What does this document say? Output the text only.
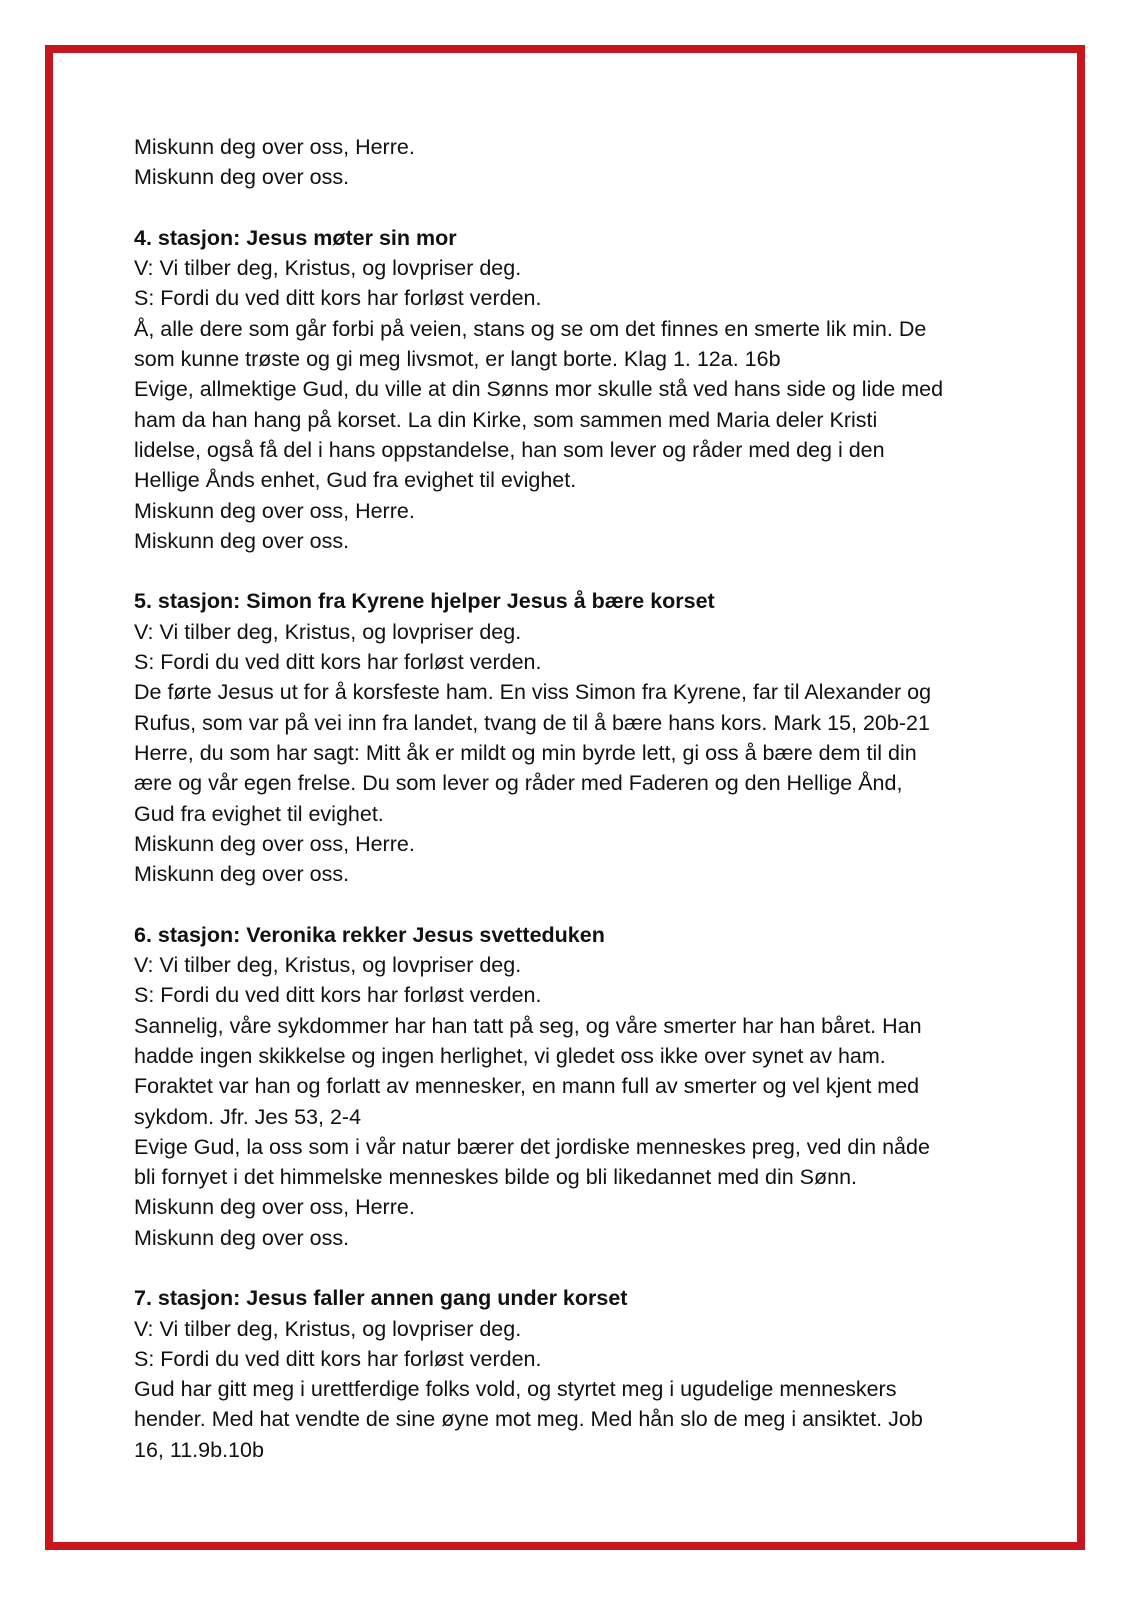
Miskunn deg over oss, Herre.

Miskunn deg over oss.

4. stasjon: Jesus møter sin mor

V: Vi tilber deg, Kristus, og lovpriser deg.

S: Fordi du ved ditt kors har forløst verden.

Å, alle dere som går forbi på veien, stans og se om det finnes en smerte lik min. De

som kunne trøste og gi meg livsmot, er langt borte. Klag 1. 12a. 16b

Evige, allmektige Gud, du ville at din Sønns mor skulle stå ved hans side og lide med

ham da han hang på korset. La din Kirke, som sammen med Maria deler Kristi

lidelse, også få del i hans oppstandelse, han som lever og råder med deg i den

Hellige Ånds enhet, Gud fra evighet til evighet.

Miskunn deg over oss, Herre.

Miskunn deg over oss.

5. stasjon: Simon fra Kyrene hjelper Jesus å bære korset

V: Vi tilber deg, Kristus, og lovpriser deg.

S: Fordi du ved ditt kors har forløst verden.

De førte Jesus ut for å korsfeste ham. En viss Simon fra Kyrene, far til Alexander og

Rufus, som var på vei inn fra landet, tvang de til å bære hans kors. Mark 15, 20b-21

Herre, du som har sagt: Mitt åk er mildt og min byrde lett, gi oss å bære dem til din

ære og vår egen frelse. Du som lever og råder med Faderen og den Hellige Ånd,

Gud fra evighet til evighet.

Miskunn deg over oss, Herre.

Miskunn deg over oss.

6. stasjon: Veronika rekker Jesus svetteduken

V: Vi tilber deg, Kristus, og lovpriser deg.

S: Fordi du ved ditt kors har forløst verden.

Sannelig, våre sykdommer har han tatt på seg, og våre smerter har han båret. Han

hadde ingen skikkelse og ingen herlighet, vi gledet oss ikke over synet av ham.

Foraktet var han og forlatt av mennesker, en mann full av smerter og vel kjent med

sykdom. Jfr. Jes 53, 2-4

Evige Gud, la oss som i vår natur bærer det jordiske menneskes preg, ved din nåde

bli fornyet i det himmelske menneskes bilde og bli likedannet med din Sønn.

Miskunn deg over oss, Herre.

Miskunn deg over oss.

7. stasjon: Jesus faller annen gang under korset

V: Vi tilber deg, Kristus, og lovpriser deg.

S: Fordi du ved ditt kors har forløst verden.

Gud har gitt meg i urettferdige folks vold, og styrtet meg i ugudelige menneskers

hender. Med hat vendte de sine øyne mot meg. Med hån slo de meg i ansiktet. Job

16, 11.9b.10b
